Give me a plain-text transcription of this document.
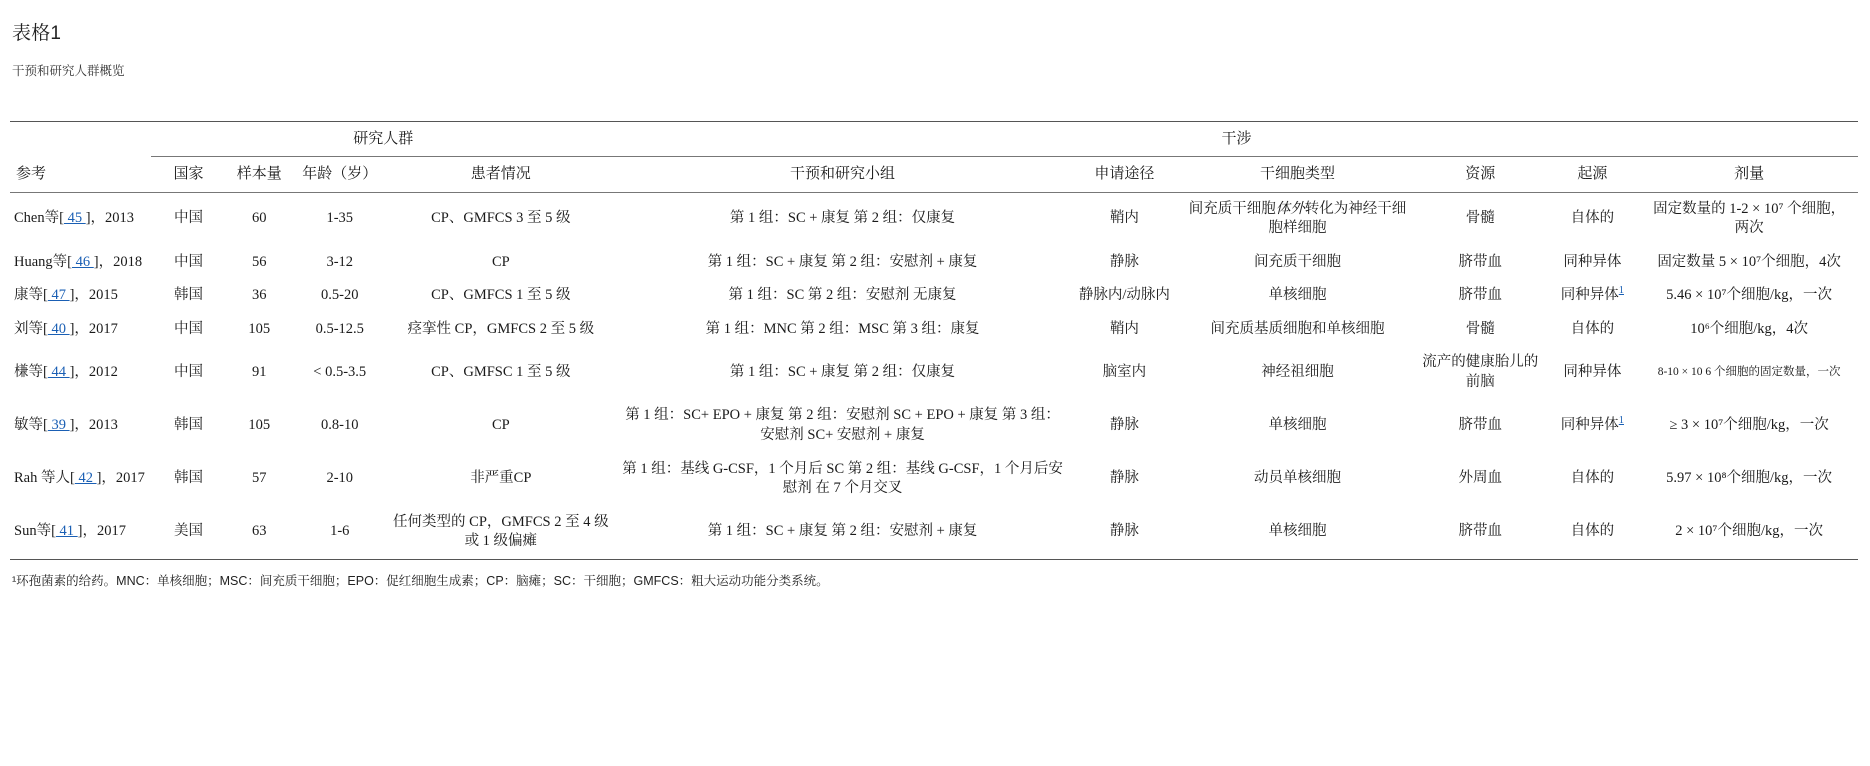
表格1
干预和研究人群概览
	研究人群				干涉					
参考	国家	样本量	年龄（岁）	患者情况	干预和研究小组	申请途径	干细胞类型	资源	起源	剂量
Chen等[ 45 ]，2013	中国	60	1-35	CP、GMFCS 3 至 5 级	第 1 组：SC + 康复 第 2 组：仅康复	鞘内	间充质干细胞体外转化为神经干细胞样细胞	骨髓	自体的	固定数量的 1-2 × 10⁷ 个细胞，两次
Huang等[ 46 ]，2018	中国	56	3-12	CP	第 1 组：SC + 康复 第 2 组：安慰剂 + 康复	静脉	间充质干细胞	脐带血	同种异体	固定数量 5 × 10⁷个细胞，4次
康等[ 47 ]，2015	韩国	36	0.5-20	CP、GMFCS 1 至 5 级	第 1 组：SC 第 2 组：安慰剂 无康复	静脉内/动脉内	单核细胞	脐带血	同种异体$^1$	5.46 × 10⁷个细胞/kg，一次
刘等[ 40 ]，2017	中国	105	0.5-12.5	痉挛性 CP，GMFCS 2 至 5 级	第 1 组：MNC 第 2 组：MSC 第 3 组：康复	鞘内	间充质基质细胞和单核细胞	骨髓	自体的	10⁶个细胞/kg，4次
槏等[ 44 ]，2012	中国	91	< 0.5-3.5	CP、GMFSC 1 至 5 级	第 1 组：SC + 康复 第 2 组：仅康复	脑室内	神经祖细胞	流产的健康胎儿的前脑	同种异体	8-10 × 10 6 个细胞的固定数量，一次
敏等[ 39 ]，2013	韩国	105	0.8-10	CP	第 1 组：SC+ EPO + 康复 第 2 组：安慰剂 SC + EPO + 康复 第 3 组：安慰剂 SC+ 安慰剂 + 康复	静脉	单核细胞	脐带血	同种异体$^1$	≥ 3 × 10⁷个细胞/kg，一次
Rah 等人[ 42 ]，2017	韩国	57	2-10	非严重CP	第 1 组：基线 G-CSF，1 个月后 SC 第 2 组：基线 G-CSF，1 个月后安慰剂 在 7 个月交叉	静脉	动员单核细胞	外周血	自体的	5.97 × 10⁸个细胞/kg，一次
Sun等[ 41 ]，2017	美国	63	1-6	任何类型的 CP，GMFCS 2 至 4 级或 1 级偏瘫	第 1 组：SC + 康复 第 2 组：安慰剂 + 康复	静脉	单核细胞	脐带血	自体的	2 × 10⁷个细胞/kg，一次
¹环孢菌素的给药。MNC：单核细胞；MSC：间充质干细胞；EPO：促红细胞生成素；CP：脑瘫；SC：干细胞；GMFCS：粗大运动功能分类系统。
